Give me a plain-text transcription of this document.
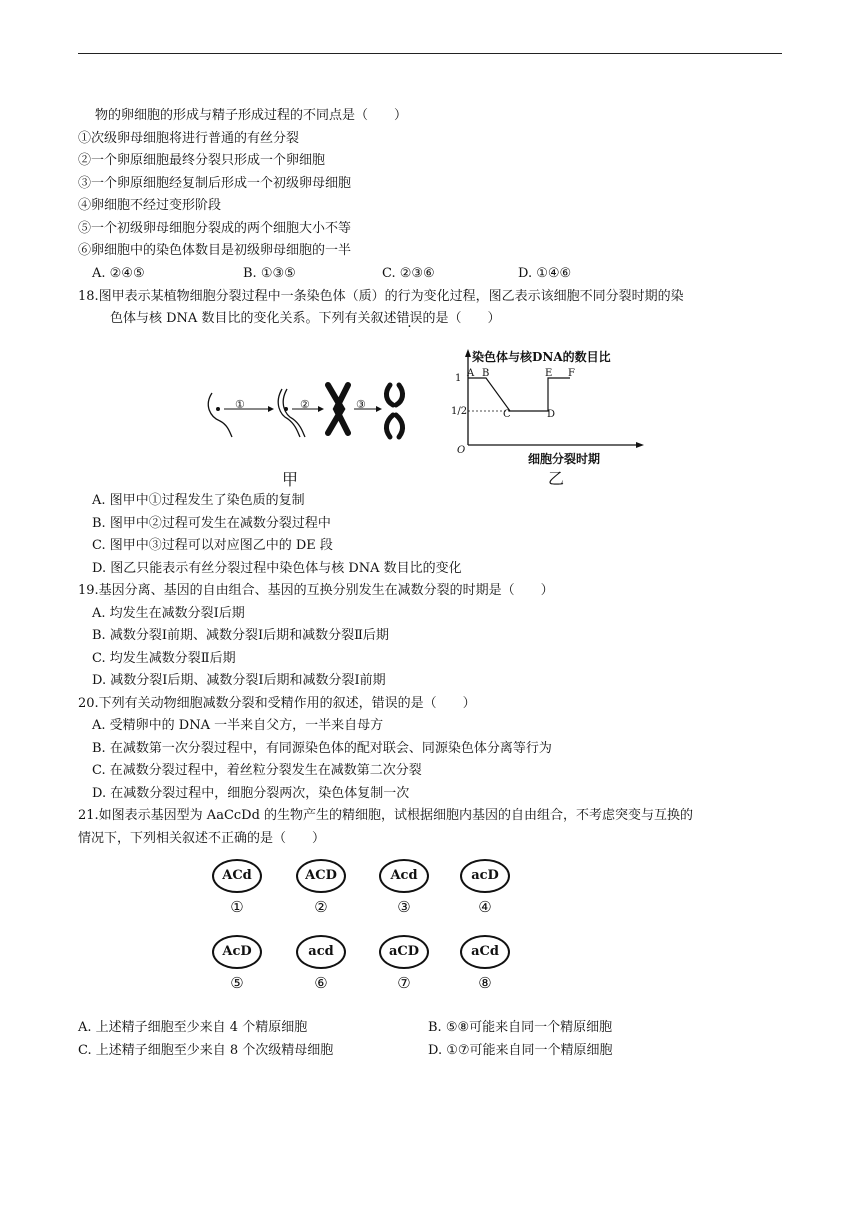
物的卵细胞的形成与精子形成过程的不同点是（　　）
①次级卵母细胞将进行普通的有丝分裂
②一个卵原细胞最终分裂只形成一个卵细胞
③一个卵原细胞经复制后形成一个初级卵母细胞
④卵细胞不经过变形阶段
⑤一个初级卵母细胞分裂成的两个细胞大小不等
⑥卵细胞中的染色体数目是初级卵母细胞的一半
A. ②④⑤	B. ①③⑤	C. ②③⑥	D. ①④⑥
18.图甲表示某植物细胞分裂过程中一条染色体（质）的行为变化过程，图乙表示该细胞不同分裂时期的染
色体与核 DNA 数目比的变化关系。下列有关叙述错误的是（　　）
①	②	③
甲
染色体与核DNA的数目比
1
1/2
O
A B
C	D
E F
细胞分裂时期
乙
A. 图甲中①过程发生了染色质的复制
B. 图甲中②过程可发生在减数分裂过程中
C. 图甲中③过程可以对应图乙中的 DE 段
D. 图乙只能表示有丝分裂过程中染色体与核 DNA 数目比的变化
19.基因分离、基因的自由组合、基因的互换分别发生在减数分裂的时期是（　　）
A. 均发生在减数分裂Ⅰ后期
B. 减数分裂Ⅰ前期、减数分裂Ⅰ后期和减数分裂Ⅱ后期
C. 均发生减数分裂Ⅱ后期
D. 减数分裂Ⅰ后期、减数分裂Ⅰ后期和减数分裂Ⅰ前期
20.下列有关动物细胞减数分裂和受精作用的叙述，错误的是（　　）
A. 受精卵中的 DNA 一半来自父方，一半来自母方
B. 在减数第一次分裂过程中，有同源染色体的配对联会、同源染色体分离等行为
C. 在减数分裂过程中，着丝粒分裂发生在减数第二次分裂
D. 在减数分裂过程中，细胞分裂两次，染色体复制一次
21.如图表示基因型为 AaCcDd 的生物产生的精细胞，试根据细胞内基因的自由组合，不考虑突变与互换的
情况下，下列相关叙述不正确的是（　　）
ACd
①
ACD
②
Acd
③
acD
④
AcD
⑤
acd
⑥
aCD
⑦
aCd
⑧
A. 上述精子细胞至少来自 4 个精原细胞	B. ⑤⑧可能来自同一个精原细胞
C. 上述精子细胞至少来自 8 个次级精母细胞	D. ①⑦可能来自同一个精原细胞
